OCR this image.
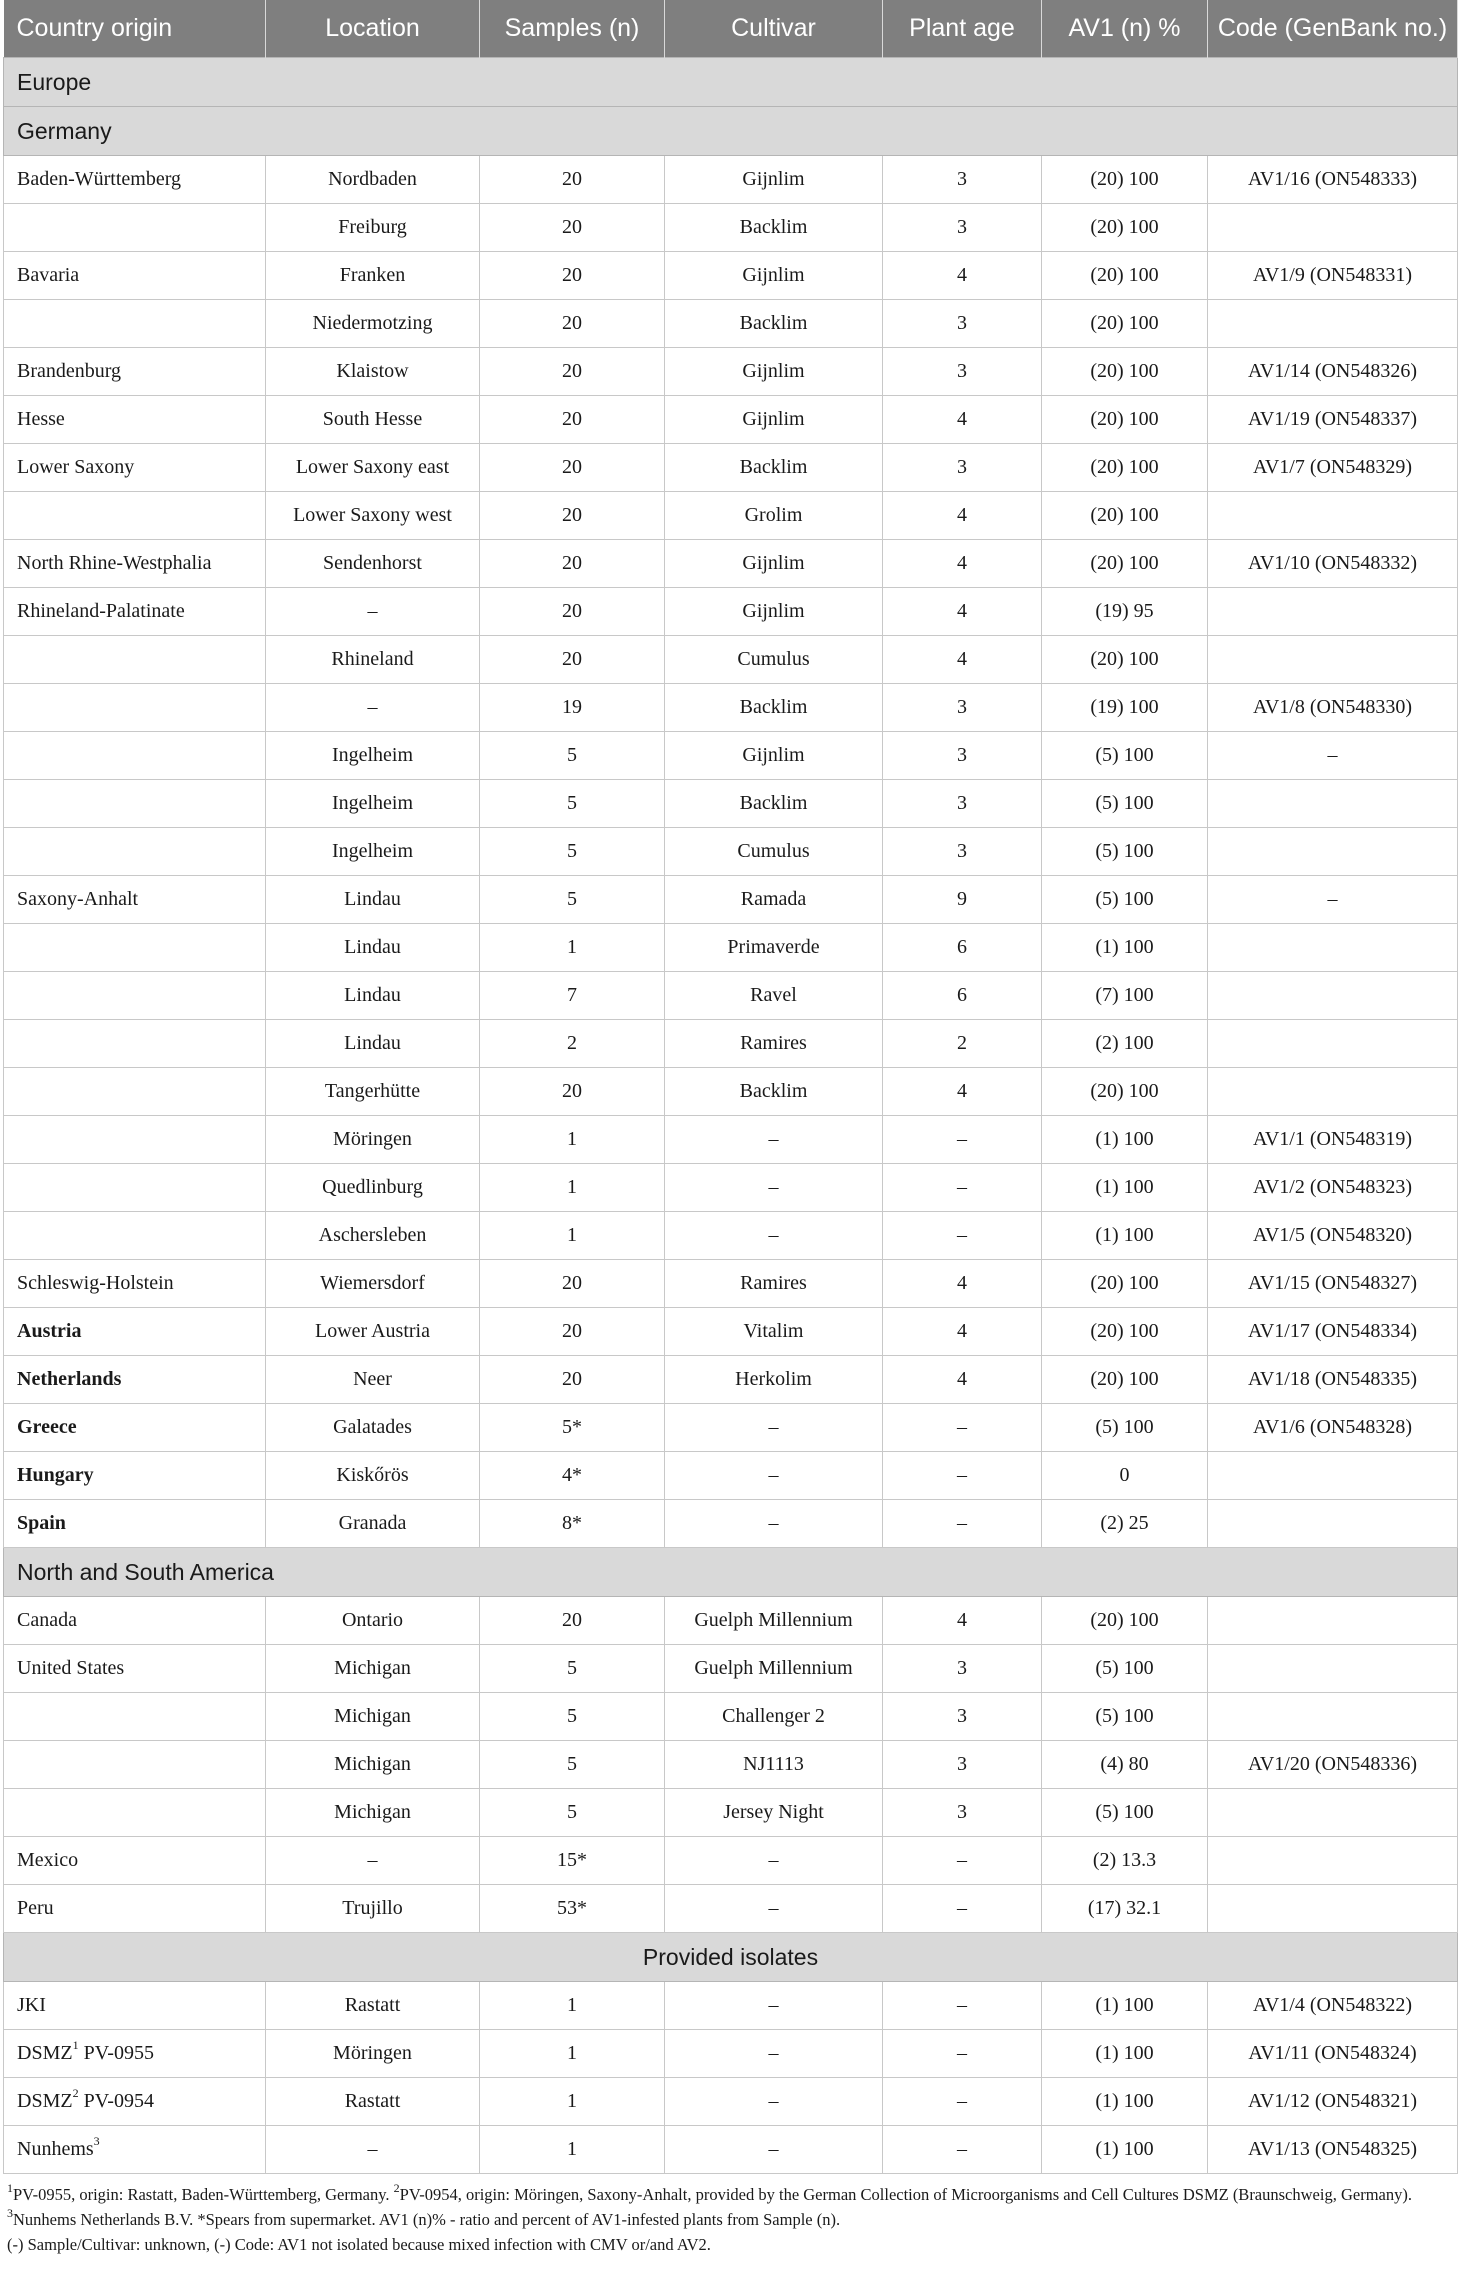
Country origin	Location	Samples (n)	Cultivar	Plant age	AV1 (n) %	Code (GenBank no.)
Europe						
Germany						
Baden-Württemberg	Nordbaden	20	Gijnlim	3	(20) 100	AV1/16 (ON548333)
	Freiburg	20	Backlim	3	(20) 100	
Bavaria	Franken	20	Gijnlim	4	(20) 100	AV1/9 (ON548331)
	Niedermotzing	20	Backlim	3	(20) 100	
Brandenburg	Klaistow	20	Gijnlim	3	(20) 100	AV1/14 (ON548326)
Hesse	South Hesse	20	Gijnlim	4	(20) 100	AV1/19 (ON548337)
Lower Saxony	Lower Saxony east	20	Backlim	3	(20) 100	AV1/7 (ON548329)
	Lower Saxony west	20	Grolim	4	(20) 100	
North Rhine-Westphalia	Sendenhorst	20	Gijnlim	4	(20) 100	AV1/10 (ON548332)
Rhineland-Palatinate	–	20	Gijnlim	4	(19) 95	
	Rhineland	20	Cumulus	4	(20) 100	
	–	19	Backlim	3	(19) 100	AV1/8 (ON548330)
	Ingelheim	5	Gijnlim	3	(5) 100	–
	Ingelheim	5	Backlim	3	(5) 100	
	Ingelheim	5	Cumulus	3	(5) 100	
Saxony-Anhalt	Lindau	5	Ramada	9	(5) 100	–
	Lindau	1	Primaverde	6	(1) 100	
	Lindau	7	Ravel	6	(7) 100	
	Lindau	2	Ramires	2	(2) 100	
	Tangerhütte	20	Backlim	4	(20) 100	
	Möringen	1	–	–	(1) 100	AV1/1 (ON548319)
	Quedlinburg	1	–	–	(1) 100	AV1/2 (ON548323)
	Aschersleben	1	–	–	(1) 100	AV1/5 (ON548320)
Schleswig-Holstein	Wiemersdorf	20	Ramires	4	(20) 100	AV1/15 (ON548327)
Austria	Lower Austria	20	Vitalim	4	(20) 100	AV1/17 (ON548334)
Netherlands	Neer	20	Herkolim	4	(20) 100	AV1/18 (ON548335)
Greece	Galatades	5*	–	–	(5) 100	AV1/6 (ON548328)
Hungary	Kiskőrös	4*	–	–	0	
Spain	Granada	8*	–	–	(2) 25	
North and South America						
Canada	Ontario	20	Guelph Millennium	4	(20) 100	
United States	Michigan	5	Guelph Millennium	3	(5) 100	
	Michigan	5	Challenger 2	3	(5) 100	
	Michigan	5	NJ1113	3	(4) 80	AV1/20 (ON548336)
	Michigan	5	Jersey Night	3	(5) 100	
Mexico	–	15*	–	–	(2) 13.3	
Peru	Trujillo	53*	–	–	(17) 32.1	
Provided isolates						
JKI	Rastatt	1	–	–	(1) 100	AV1/4 (ON548322)
DSMZ$^1$ PV-0955	Möringen	1	–	–	(1) 100	AV1/11 (ON548324)
DSMZ$^2$ PV-0954	Rastatt	1	–	–	(1) 100	AV1/12 (ON548321)
Nunhems$^3$	–	1	–	–	(1) 100	AV1/13 (ON548325)

$^1$PV-0955, origin: Rastatt, Baden-Württemberg, Germany. $^2$PV-0954, origin: Möringen, Saxony-Anhalt, provided by the German Collection of Microorganisms and Cell Cultures DSMZ (Braunschweig, Germany). $^3$Nunhems Netherlands B.V. *Spears from supermarket. AV1 (n)% - ratio and percent of AV1-infested plants from Sample (n).

(-) Sample/Cultivar: unknown, (-) Code: AV1 not isolated because mixed infection with CMV or/and AV2.
